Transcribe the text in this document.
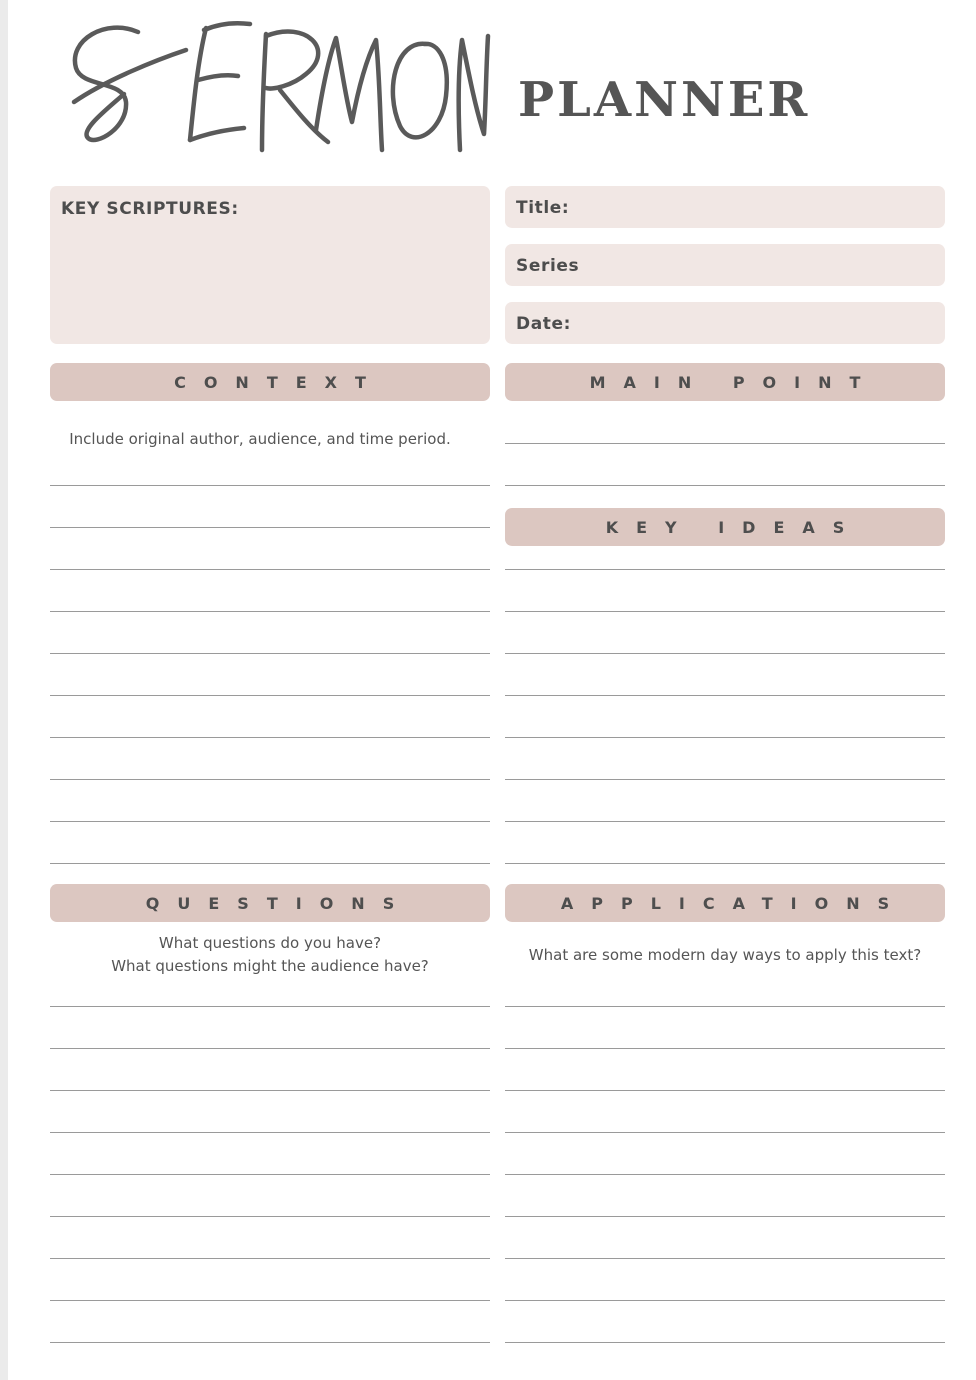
PLANNER
KEY SCRIPTURES:	Title:
Series
Date:
CONTEXT
Include original author, audience, and time period.
MAIN POINT
KEY IDEAS
QUESTIONS
What questions do you have?
What questions might the audience have?
APPLICATIONS
What are some modern day ways to apply this text?
